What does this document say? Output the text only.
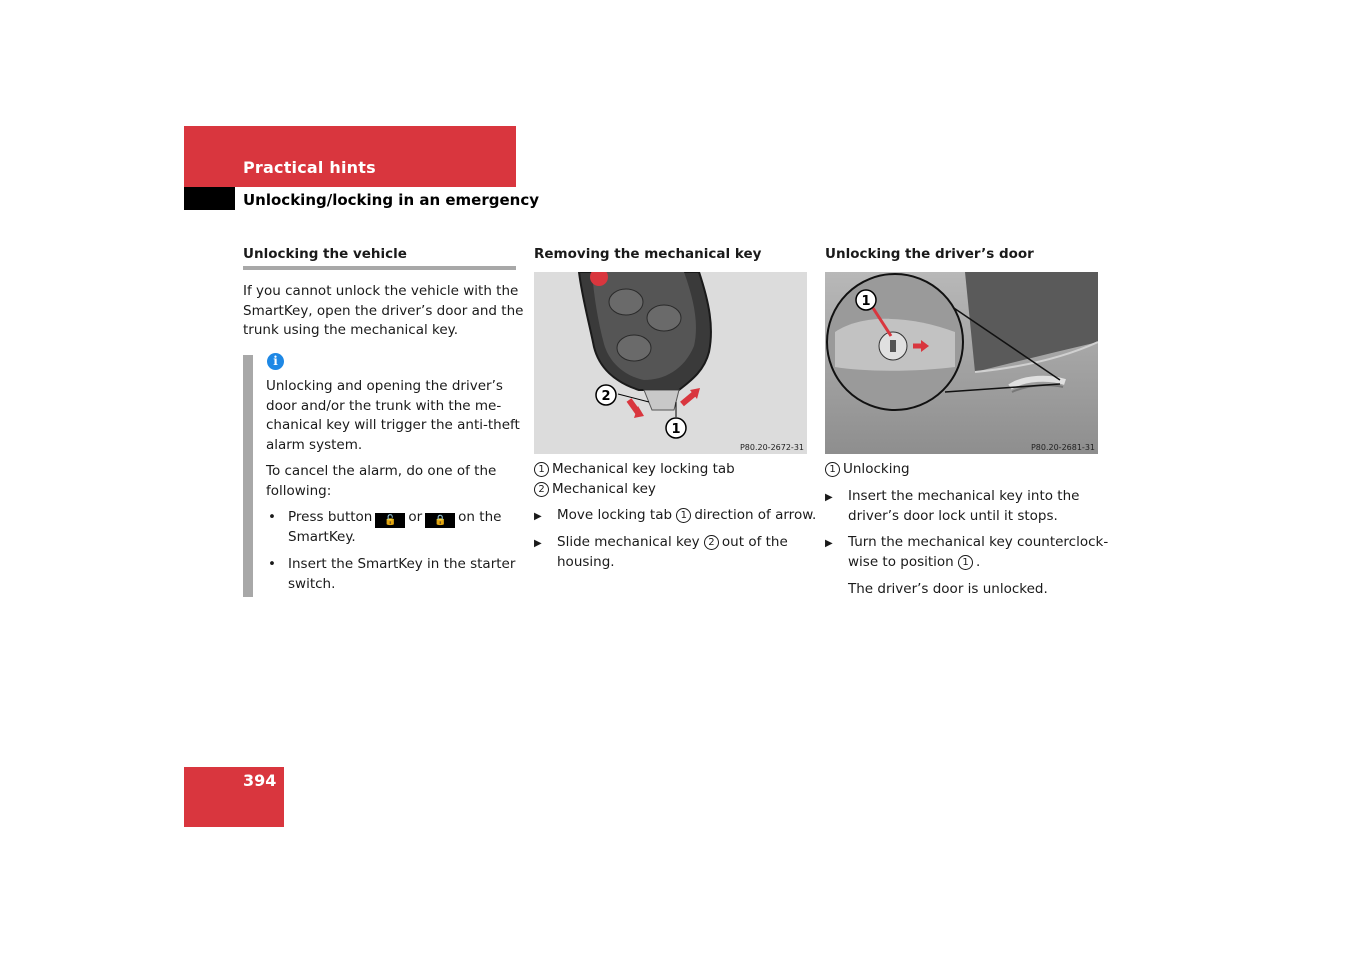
Practical hints
Unlocking/locking in an emergency
Unlocking the vehicle
If you cannot unlock the vehicle with the
SmartKey, open the driver’s door and the
trunk using the mechanical key.
i
Unlocking and opening the driver’s
door and/or the trunk with the me-
chanical key will trigger the anti-theft
alarm system.
To cancel the alarm, do one of the
following:
• Press button 🔓 or 🔒 on the
SmartKey.
• Insert the SmartKey in the starter
switch.
Removing the mechanical key
2
1
P80.20-2672-31
1 Mechanical key locking tab
2 Mechanical key
▶ Move locking tab 1 direction of arrow.
▶ Slide mechanical key 2 out of the
housing.
Unlocking the driver’s door
1
P80.20-2681-31
1 Unlocking
▶ Insert the mechanical key into the
driver’s door lock until it stops.
▶ Turn the mechanical key counterclock-
wise to position 1 .
The driver’s door is unlocked.
394
